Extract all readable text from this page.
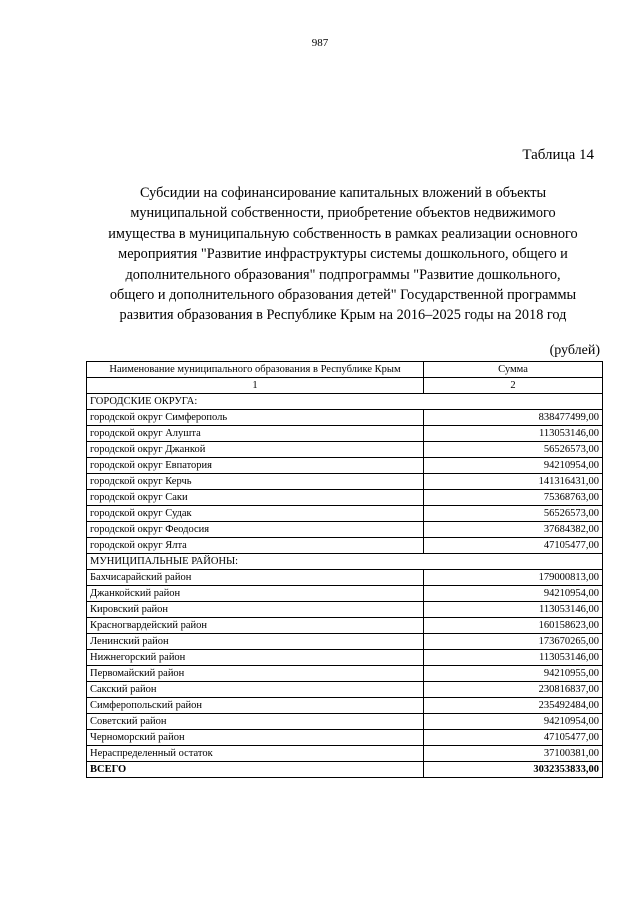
987
Таблица 14
Субсидии на софинансирование капитальных вложений в объекты
муниципальной собственности, приобретение объектов недвижимого
имущества в муниципальную собственность в рамках реализации основного
мероприятия "Развитие инфраструктуры системы дошкольного, общего и
дополнительного образования" подпрограммы "Развитие дошкольного,
общего и дополнительного образования детей" Государственной программы
развития образования в Республике Крым на 2016–2025 годы на 2018 год
(рублей)
Наименование муниципального образования в Республике Крым	Сумма
1	2
ГОРОДСКИЕ ОКРУГА:	
городской округ Симферополь	838477499,00
городской округ Алушта	113053146,00
городской округ Джанкой	56526573,00
городской округ Евпатория	94210954,00
городской округ Керчь	141316431,00
городской округ Саки	75368763,00
городской округ Судак	56526573,00
городской округ Феодосия	37684382,00
городской округ Ялта	47105477,00
МУНИЦИПАЛЬНЫЕ РАЙОНЫ:	
Бахчисарайский район	179000813,00
Джанкойский район	94210954,00
Кировский район	113053146,00
Красногвардейский район	160158623,00
Ленинский район	173670265,00
Нижнегорский район	113053146,00
Первомайский район	94210955,00
Сакский район	230816837,00
Симферопольский район	235492484,00
Советский район	94210954,00
Черноморский район	47105477,00
Нераспределенный остаток	37100381,00
ВСЕГО	3032353833,00
